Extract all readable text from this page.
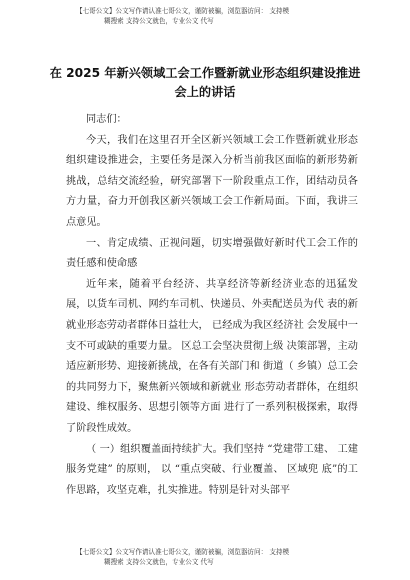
【七哥公文】公文写作请认准七哥公文，谨防被骗，浏览器访问： 支持模
糊搜索 支持公文就色，专业公文 代写
在 2025 年新兴领域工会工作暨新就业形态组织建设推进会上的讲话

同志们：

今天，我们在这里召开全区新兴领域工会工作暨新就业形态组织建设推进会，主要任务是深入分析当前我区面临的新形势新挑战，总结交流经验，研究部署下一阶段重点工作，团结动员各方力量，奋力开创我区新兴领域工会工作新局面。下面，我讲三点意见。

一、肯定成绩、正视问题，切实增强做好新时代工会工作的责任感和使命感

近年来，随着平台经济、共享经济等新经济业态的迅猛发展，以货车司机、网约车司机、快递员、外卖配送员为代 表的新就业形态劳动者群体日益壮大， 已经成为我区经济社 会发展中一支不可或缺的重要力量。 区总工会坚决贯彻上级 决策部署，主动适应新形势、迎接新挑战，在各有关部门和 街道（ 乡镇）总工会的共同努力下，聚焦新兴领域和新就业 形态劳动者群体，在组织建设、维权服务、思想引领等方面 进行了一系列积极探索，取得了阶段性成效。

（ 一）组织覆盖面持续扩大。我们坚持 “党建带工建、 工建服务党建” 的原则， 以 “重点突破、行业覆盖、 区域兜 底”的工作思路，攻坚克难，扎实推进。特别是针对头部平

【七哥公文】公文写作请认准七哥公文，谨防被骗，浏览器访问： 支持模
糊搜索 支持公文就色，专业公文 代写
